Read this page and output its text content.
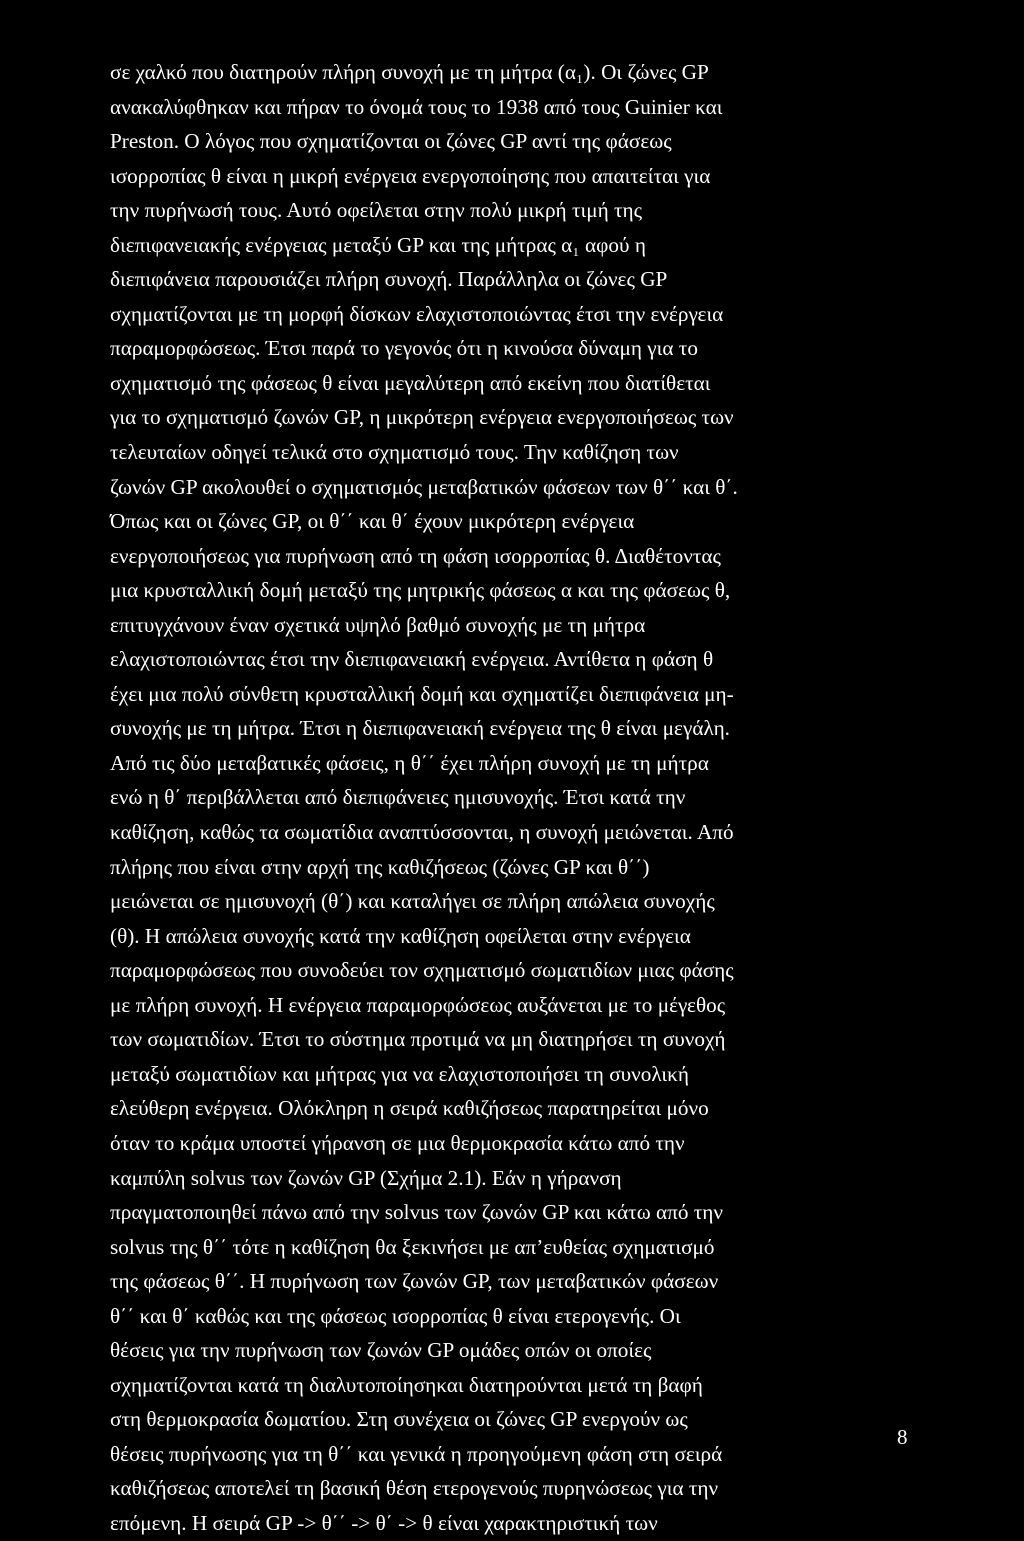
σε χαλκό που διατηρούν πλήρη συνοχή με τη μήτρα (α₁). Οι ζώνες GP
ανακαλύφθηκαν και πήραν το όνομά τους το 1938 από τους Guinier και
Preston. Ο λόγος που σχηματίζονται οι ζώνες GP αντί της φάσεως
ισορροπίας θ είναι η μικρή ενέργεια ενεργοποίησης που απαιτείται για
την πυρήνωσή τους. Αυτό οφείλεται στην πολύ μικρή τιμή της
διεπιφανειακής ενέργειας μεταξύ GP και της μήτρας α₁ αφού η
διεπιφάνεια παρουσιάζει πλήρη συνοχή. Παράλληλα οι ζώνες GP
σχηματίζονται με τη μορφή δίσκων ελαχιστοποιώντας έτσι την ενέργεια
παραμορφώσεως. Έτσι παρά το γεγονός ότι η κινούσα δύναμη για το
σχηματισμό της φάσεως θ είναι μεγαλύτερη από εκείνη που διατίθεται
για το σχηματισμό ζωνών GP, η μικρότερη ενέργεια ενεργοποιήσεως των
τελευταίων οδηγεί τελικά στο σχηματισμό τους. Την καθίζηση των
ζωνών GP ακολουθεί ο σχηματισμός μεταβατικών φάσεων των θ΄΄ και θ΄.
Όπως και οι ζώνες GP, οι θ΄΄ και θ΄ έχουν μικρότερη ενέργεια
ενεργοποιήσεως για πυρήνωση από τη φάση ισορροπίας θ. Διαθέτοντας
μια κρυσταλλική δομή μεταξύ της μητρικής φάσεως α και της φάσεως θ,
επιτυγχάνουν έναν σχετικά υψηλό βαθμό συνοχής με τη μήτρα
ελαχιστοποιώντας έτσι την διεπιφανειακή ενέργεια. Αντίθετα η φάση θ
έχει μια πολύ σύνθετη κρυσταλλική δομή και σχηματίζει διεπιφάνεια μη-
συνοχής με τη μήτρα. Έτσι η διεπιφανειακή ενέργεια της θ είναι μεγάλη.
Από τις δύο μεταβατικές φάσεις, η θ΄΄ έχει πλήρη συνοχή με τη μήτρα
ενώ η θ΄ περιβάλλεται από διεπιφάνειες ημισυνοχής. Έτσι κατά την
καθίζηση, καθώς τα σωματίδια αναπτύσσονται, η συνοχή μειώνεται. Από
πλήρης που είναι στην αρχή της καθιζήσεως (ζώνες GP και θ΄΄)
μειώνεται σε ημισυνοχή (θ΄) και καταλήγει σε πλήρη απώλεια συνοχής
(θ). Η απώλεια συνοχής κατά την καθίζηση οφείλεται στην ενέργεια
παραμορφώσεως που συνοδεύει τον σχηματισμό σωματιδίων μιας φάσης
με πλήρη συνοχή. Η ενέργεια παραμορφώσεως αυξάνεται με το μέγεθος
των σωματιδίων. Έτσι το σύστημα προτιμά να μη διατηρήσει τη συνοχή
μεταξύ σωματιδίων και μήτρας για να ελαχιστοποιήσει τη συνολική
ελεύθερη ενέργεια. Ολόκληρη η σειρά καθιζήσεως παρατηρείται μόνο
όταν το κράμα υποστεί γήρανση σε μια θερμοκρασία κάτω από την
καμπύλη solvus των ζωνών GP (Σχήμα 2.1). Εάν η γήρανση
πραγματοποιηθεί πάνω από την solvus των ζωνών GP και κάτω από την
solvus της θ΄΄ τότε η καθίζηση θα ξεκινήσει με απ’ευθείας σχηματισμό
της φάσεως θ΄΄. Η πυρήνωση των ζωνών GP, των μεταβατικών φάσεων
θ΄΄ και θ΄ καθώς και της φάσεως ισορροπίας θ είναι ετερογενής. Οι
θέσεις για την πυρήνωση των ζωνών GP ομάδες οπών οι οποίες
σχηματίζονται κατά τη διαλυτοποίησηκαι διατηρούνται μετά τη βαφή
στη θερμοκρασία δωματίου. Στη συνέχεια οι ζώνες GP ενεργούν ως
θέσεις πυρήνωσης για τη θ΄΄ και γενικά η προηγούμενη φάση στη σειρά
καθιζήσεως αποτελεί τη βασική θέση ετερογενούς πυρηνώσεως για την
επόμενη. Η σειρά GP -> θ΄΄ -> θ΄ -> θ είναι χαρακτηριστική των
8
